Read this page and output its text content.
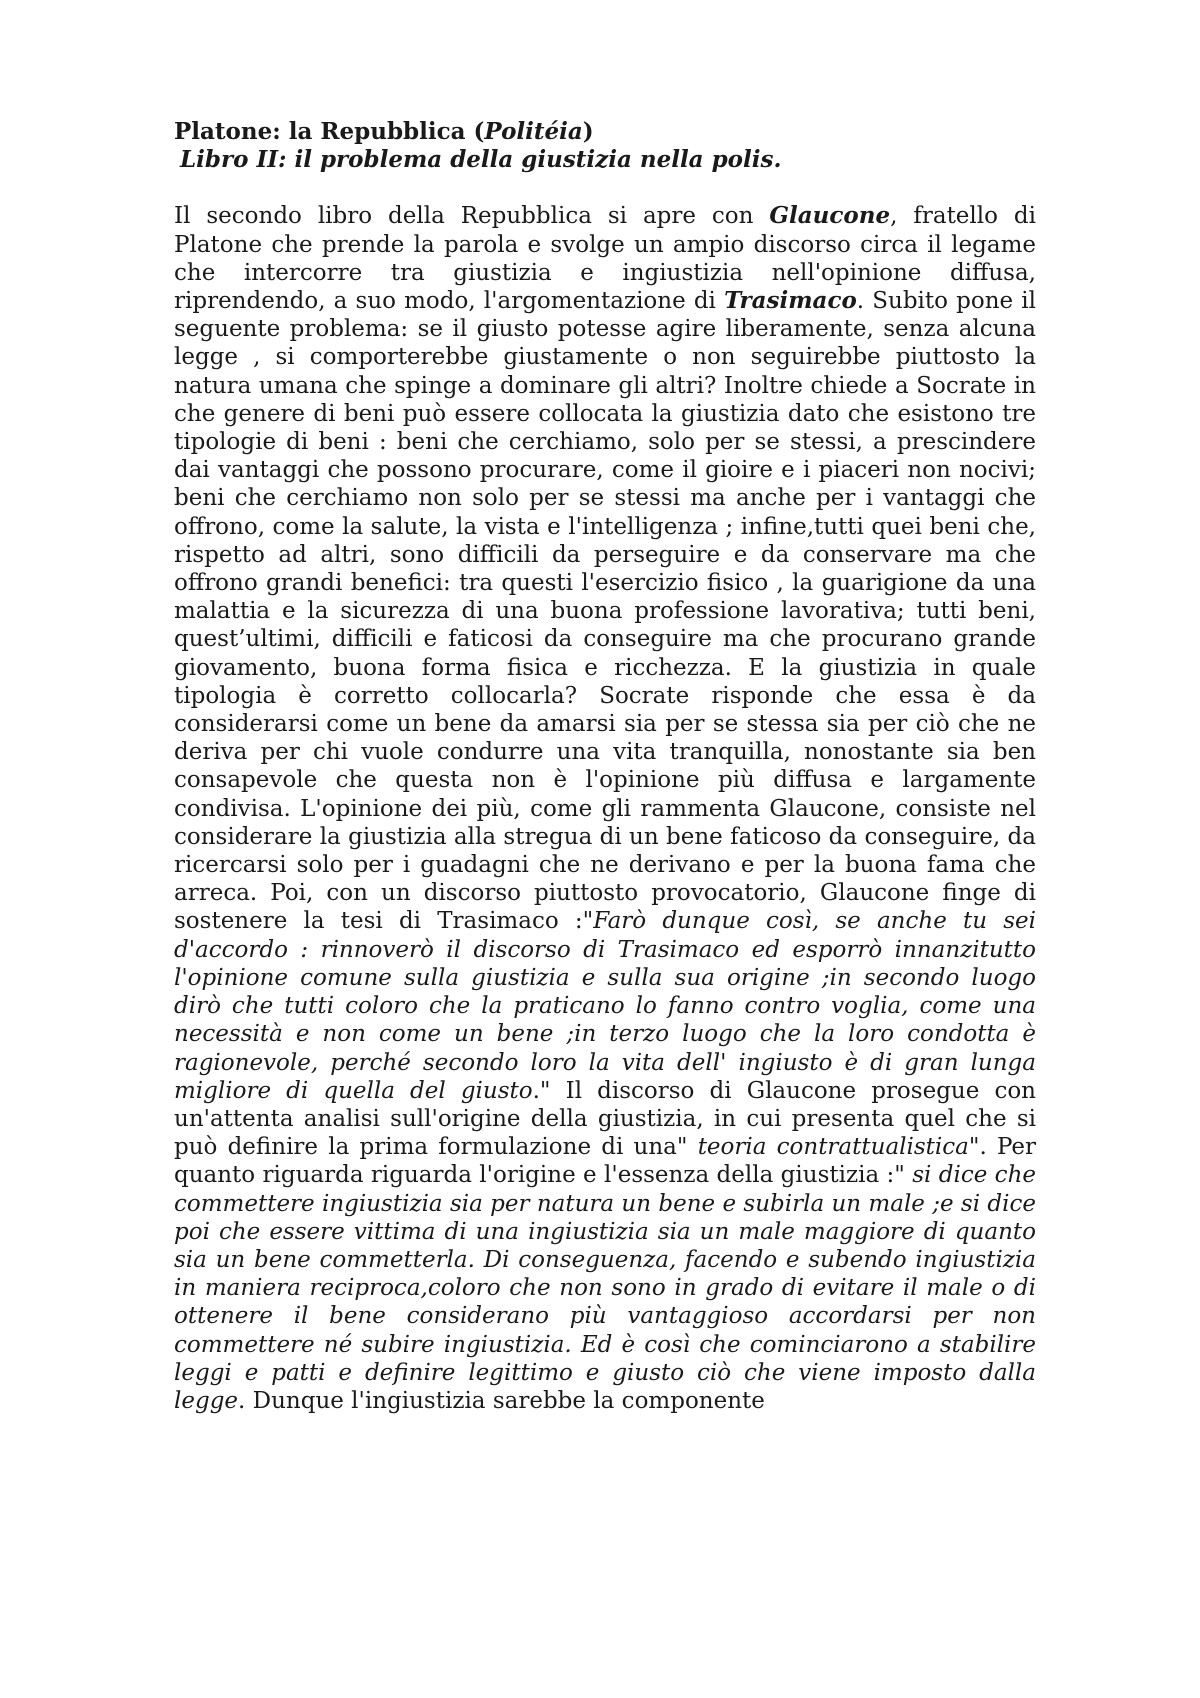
Platone: la Repubblica (Politéia)

Libro II: il problema della giustizia nella polis.

Il secondo libro della Repubblica si apre con Glaucone, fratello di Platone che prende la parola e svolge un ampio discorso circa il legame che intercorre tra giustizia e ingiustizia nell'opinione diffusa, riprendendo, a suo modo, l'argomentazione di Trasimaco. Subito pone il seguente problema: se il giusto potesse agire liberamente, senza alcuna legge , si comporterebbe giustamente o non seguirebbe piuttosto la natura umana che spinge a dominare gli altri? Inoltre chiede a Socrate in che genere di beni può essere collocata la giustizia dato che esistono tre tipologie di beni : beni che cerchiamo, solo per se stessi, a prescindere dai vantaggi che possono procurare, come il gioire e i piaceri non nocivi; beni che cerchiamo non solo per se stessi ma anche per i vantaggi che offrono, come la salute, la vista e l'intelligenza ; infine,tutti quei beni che, rispetto ad altri, sono difficili da perseguire e da conservare ma che offrono grandi benefici: tra questi l'esercizio fisico , la guarigione da una malattia e la sicurezza di una buona professione lavorativa; tutti beni, quest’ultimi, difficili e faticosi da conseguire ma che procurano grande giovamento, buona forma fisica e ricchezza. E la giustizia in quale tipologia è corretto collocarla? Socrate risponde che essa è da considerarsi come un bene da amarsi sia per se stessa sia per ciò che ne deriva per chi vuole condurre una vita tranquilla, nonostante sia ben consapevole che questa non è l'opinione più diffusa e largamente condivisa. L'opinione dei più, come gli rammenta Glaucone, consiste nel considerare la giustizia alla stregua di un bene faticoso da conseguire, da ricercarsi solo per i guadagni che ne derivano e per la buona fama che arreca. Poi, con un discorso piuttosto provocatorio, Glaucone finge di sostenere la tesi di Trasimaco :"Farò dunque così, se anche tu sei d'accordo : rinnoverò il discorso di Trasimaco ed esporrò innanzitutto l'opinione comune sulla giustizia e sulla sua origine ;in secondo luogo dirò che tutti coloro che la praticano lo fanno contro voglia, come una necessità e non come un bene ;in terzo luogo che la loro condotta è ragionevole, perché secondo loro la vita dell' ingiusto è di gran lunga migliore di quella del giusto." Il discorso di Glaucone prosegue con un'attenta analisi sull'origine della giustizia, in cui presenta quel che si può definire la prima formulazione di una" teoria contrattualistica". Per quanto riguarda riguarda l'origine e l'essenza della giustizia :" si dice che commettere ingiustizia sia per natura un bene e subirla un male ;e si dice poi che essere vittima di una ingiustizia sia un male maggiore di quanto sia un bene commetterla. Di conseguenza, facendo e subendo ingiustizia in maniera reciproca,coloro che non sono in grado di evitare il male o di ottenere il bene considerano più vantaggioso accordarsi per non commettere né subire ingiustizia. Ed è così che cominciarono a stabilire leggi e patti e definire legittimo e giusto ciò che viene imposto dalla legge. Dunque l'ingiustizia sarebbe la componente
